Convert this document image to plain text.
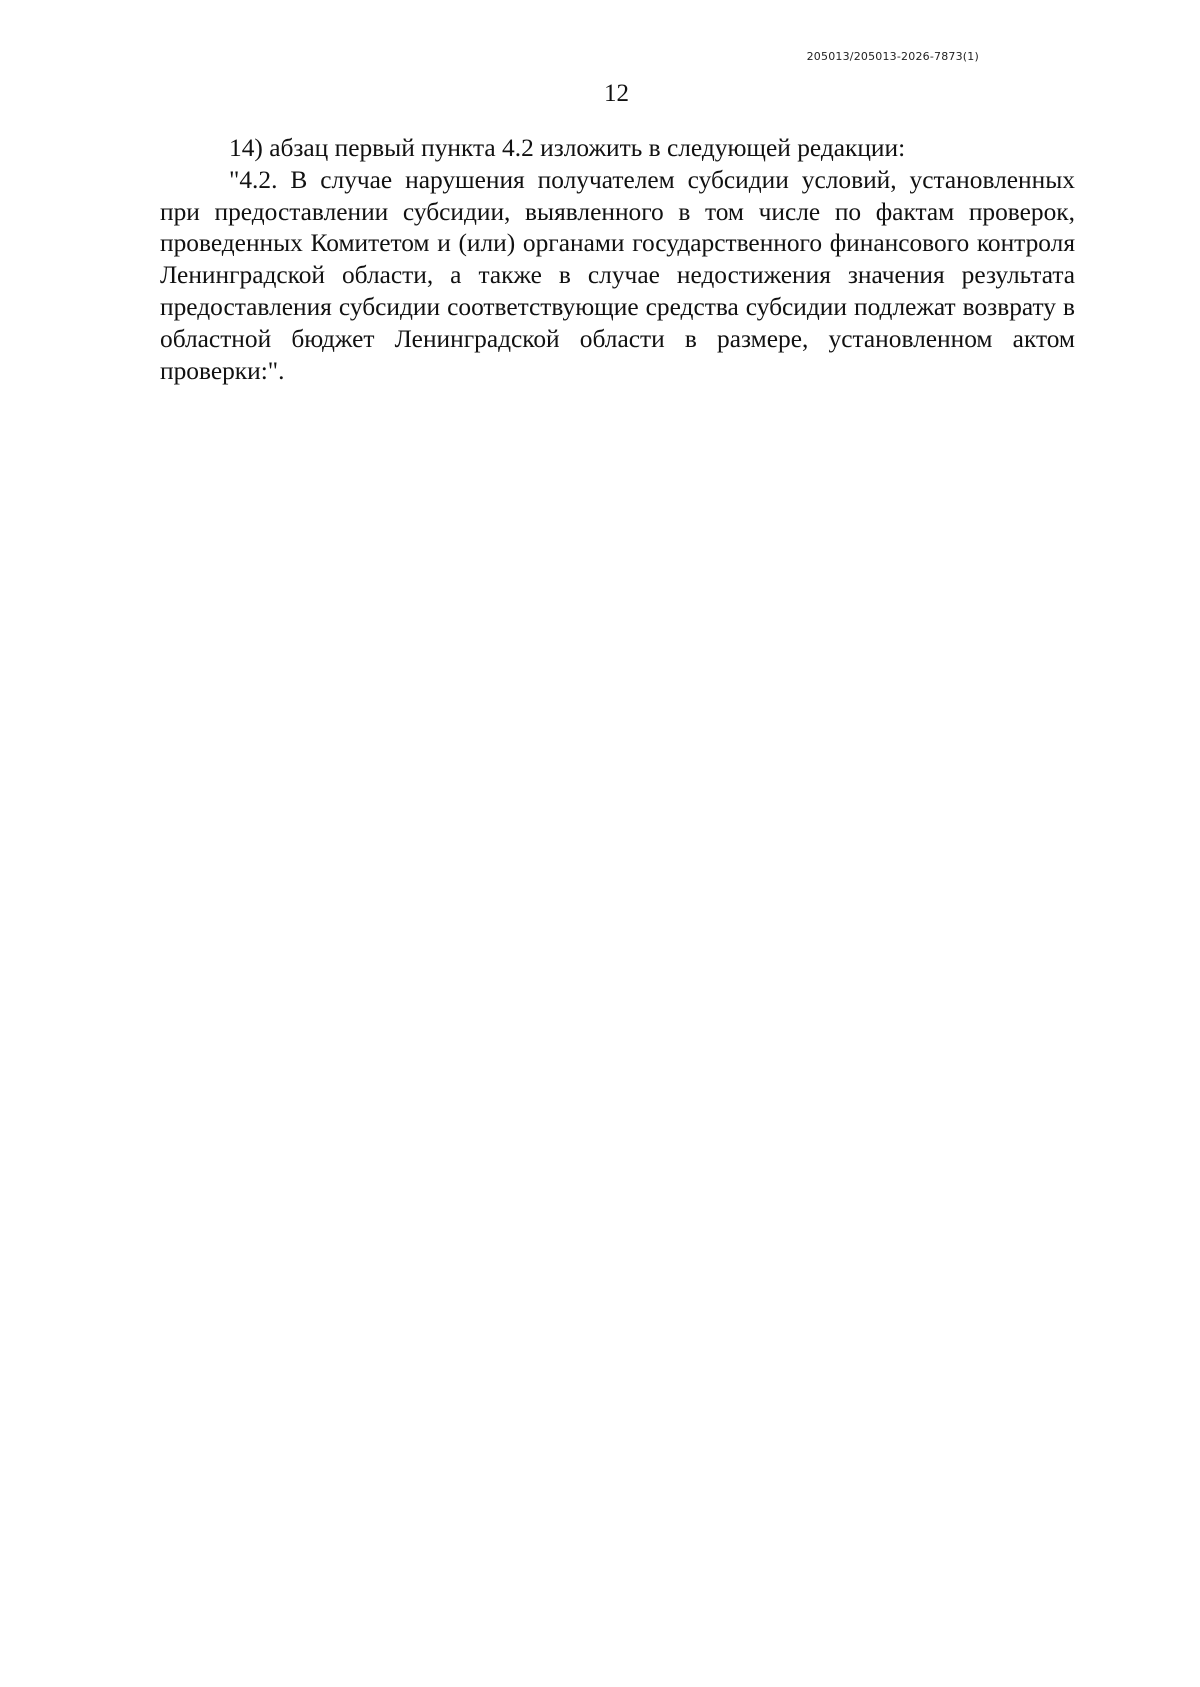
205013/205013-2026-7873(1)
12

14) абзац первый пункта 4.2 изложить в следующей редакции:

"4.2. В случае нарушения получателем субсидии условий, установленных при предоставлении субсидии, выявленного в том числе по фактам проверок, проведенных Комитетом и (или) органами государственного финансового контроля Ленинградской области, а также в случае недостижения значения результата предоставления субсидии соответствующие средства субсидии подлежат возврату в областной бюджет Ленинградской области в размере, установленном актом проверки:".
